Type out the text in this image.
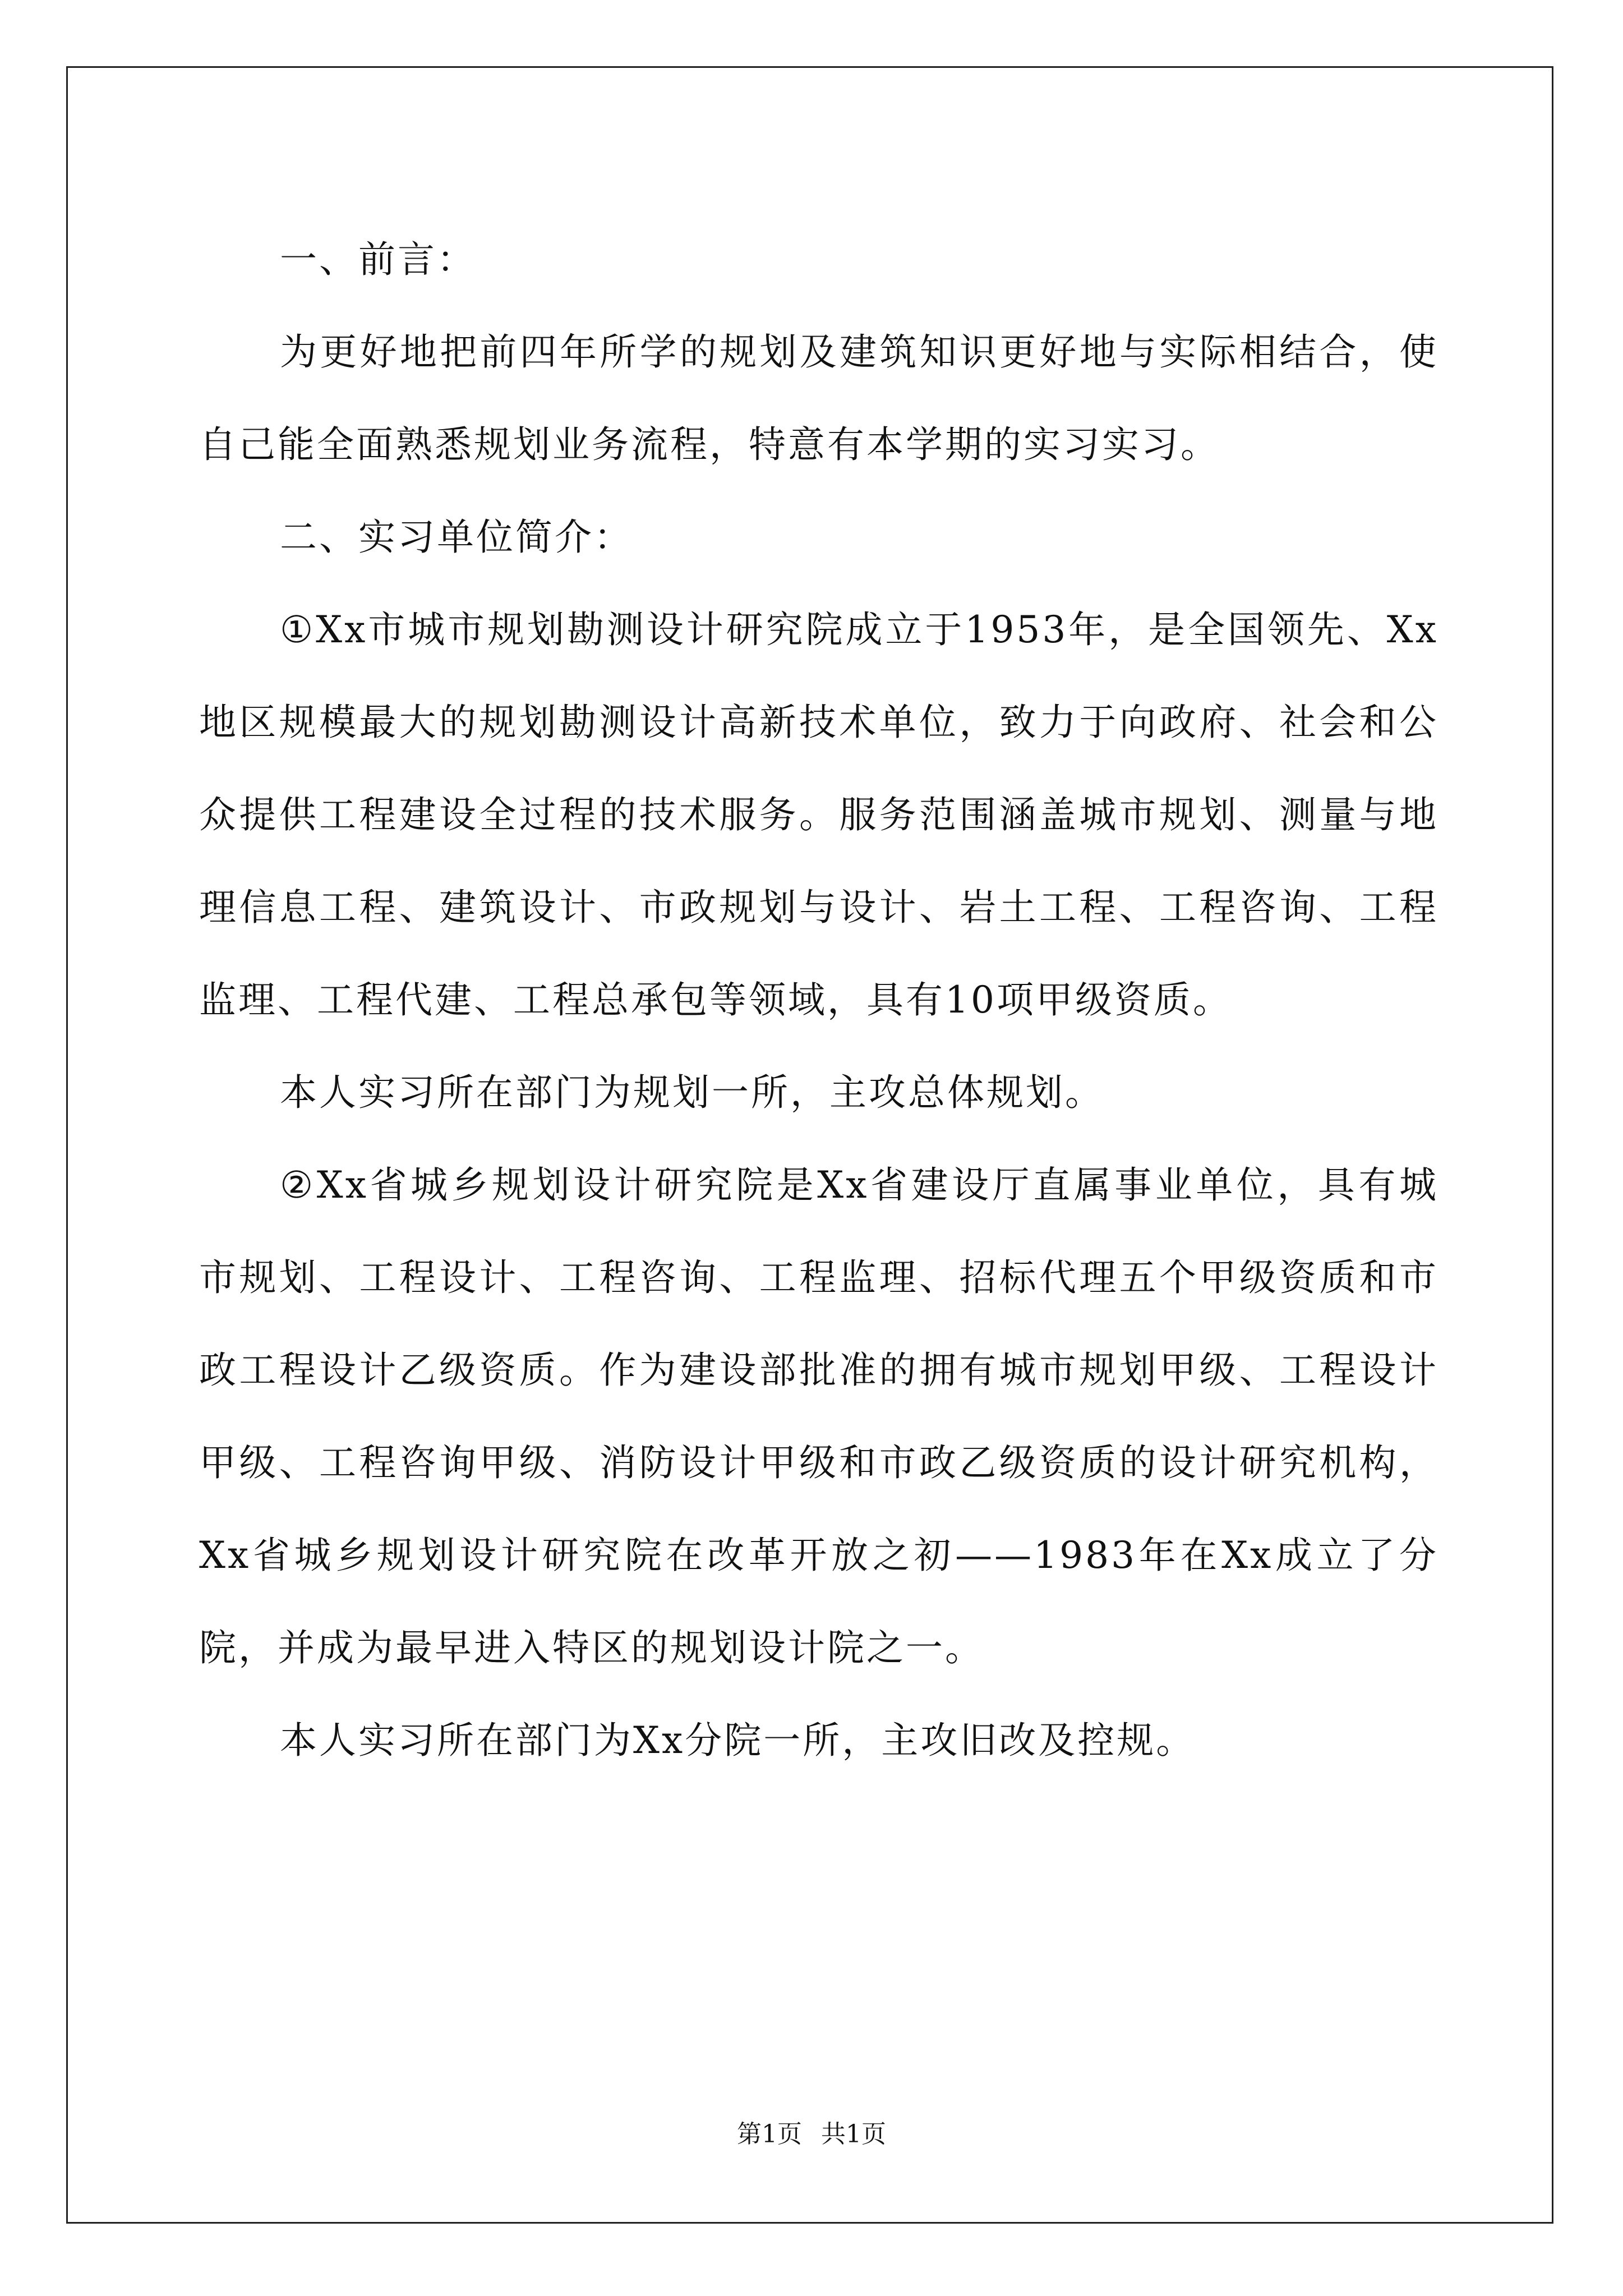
一、前言：

为更好地把前四年所学的规划及建筑知识更好地与实际相结合，使自己能全面熟悉规划业务流程，特意有本学期的实习实习。

二、实习单位简介：

①Xx市城市规划勘测设计研究院成立于1953年，是全国领先、Xx地区规模最大的规划勘测设计高新技术单位，致力于向政府、社会和公众提供工程建设全过程的技术服务。服务范围涵盖城市规划、测量与地理信息工程、建筑设计、市政规划与设计、岩土工程、工程咨询、工程监理、工程代建、工程总承包等领域，具有10项甲级资质。

本人实习所在部门为规划一所，主攻总体规划。

②Xx省城乡规划设计研究院是Xx省建设厅直属事业单位，具有城市规划、工程设计、工程咨询、工程监理、招标代理五个甲级资质和市政工程设计乙级资质。作为建设部批准的拥有城市规划甲级、工程设计甲级、工程咨询甲级、消防设计甲级和市政乙级资质的设计研究机构，Xx省城乡规划设计研究院在改革开放之初——1983年在Xx成立了分院，并成为最早进入特区的规划设计院之一。

本人实习所在部门为Xx分院一所，主攻旧改及控规。

第1页 共1页
